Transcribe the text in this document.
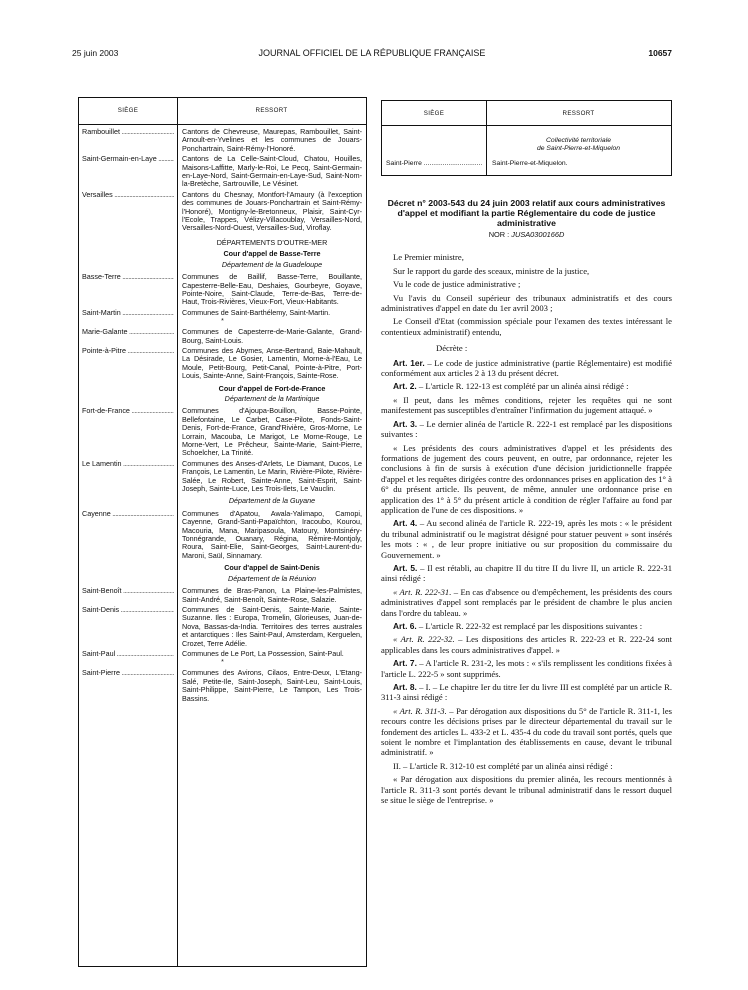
25 juin 2003	JOURNAL OFFICIEL DE LA RÉPUBLIQUE FRANÇAISE	10657
SIÈGE	RESSORT
Rambouillet .....	Cantons de Chevreuse, Maurepas, Rambouillet, Saint-Arnoult-en-Yvelines et les communes de Jouars-Ponchartrain, Saint-Rémy-l'Honoré.
Saint-Germain-en-Laye .....	Cantons de La Celle-Saint-Cloud, Chatou, Houilles, Maisons-Laffitte, Marly-le-Roi, Le Pecq, Saint-Germain-en-Laye-Nord, Saint-Germain-en-Laye-Sud, Saint-Nom-la-Bretèche, Sartrouville, Le Vésinet.
Versailles .....	Cantons du Chesnay, Montfort-l'Amaury (à l'exception des communes de Jouars-Ponchartrain et Saint-Rémy-l'Honoré), Montigny-le-Bretonneux, Plaisir, Saint-Cyr-l'Ecole, Trappes, Vélizy-Villacoublay, Versailles-Nord, Versailles-Nord-Ouest, Versailles-Sud, Viroflay.
DÉPARTEMENTS D'OUTRE-MER
Cour d'appel de Basse-Terre
Département de la Guadeloupe
Basse-Terre .....	Communes de Baillif, Basse-Terre, Bouillante, Capesterre-Belle-Eau, Deshaies, Gourbeyre, Goyave, Pointe-Noire, Saint-Claude, Terre-de-Bas, Terre-de-Haut, Trois-Rivières, Vieux-Fort, Vieux-Habitants.
Saint-Martin .....	Communes de Saint-Barthélemy, Saint-Martin.
*
Marie-Galante .....	Communes de Capesterre-de-Marie-Galante, Grand-Bourg, Saint-Louis.
Pointe-à-Pitre .....	Communes des Abymes, Anse-Bertrand, Baie-Mahault, La Désirade, Le Gosier, Lamentin, Morne-à-l'Eau, Le Moule, Petit-Bourg, Petit-Canal, Pointe-à-Pitre, Port-Louis, Sainte-Anne, Saint-François, Sainte-Rose.
Cour d'appel de Fort-de-France
Département de la Martinique
Fort-de-France .....	Communes d'Ajoupa-Bouillon, Basse-Pointe, Bellefontaine, Le Carbet, Case-Pilote, Fonds-Saint-Denis, Fort-de-France, Grand'Rivière, Gros-Morne, Le Lorrain, Macouba, Le Marigot, Le Morne-Rouge, Le Morne-Vert, Le Prêcheur, Sainte-Marie, Saint-Pierre, Schoelcher, La Trinité.
Le Lamentin .....	Communes des Anses-d'Arlets, Le Diamant, Ducos, Le François, Le Lamentin, Le Marin, Rivière-Pilote, Rivière-Salée, Le Robert, Sainte-Anne, Saint-Esprit, Saint-Joseph, Sainte-Luce, Les Trois-Ilets, Le Vauclin.
Département de la Guyane
Cayenne .....	Communes d'Apatou, Awala-Yalimapo, Camopi, Cayenne, Grand-Santi-Papaïchton, Iracoubo, Kourou, Macouria, Mana, Maripasoula, Matoury, Montsinéry-Tonnégrande, Ouanary, Régina, Rémire-Montjoly, Roura, Saint-Elie, Saint-Georges, Saint-Laurent-du-Maroni, Saül, Sinnamary.
Cour d'appel de Saint-Denis
Département de la Réunion
Saint-Benoît .....	Communes de Bras-Panon, La Plaine-les-Palmistes, Saint-André, Saint-Benoît, Sainte-Rose, Salazie.
Saint-Denis .....	Communes de Saint-Denis, Sainte-Marie, Sainte-Suzanne. Iles : Europa, Tromelin, Glorieuses, Juan-de-Nova, Bassas-da-India. Territoires des terres australes et antarctiques : Iles Saint-Paul, Amsterdam, Kerguelen, Crozet, Terre Adélie.
Saint-Paul .....	Communes de Le Port, La Possession, Saint-Paul.
*
Saint-Pierre .....	Communes des Avirons, Cilaos, Entre-Deux, L'Etang-Salé, Petite-Ile, Saint-Joseph, Saint-Leu, Saint-Louis, Saint-Philippe, Saint-Pierre, Le Tampon, Les Trois-Bassins.
SIÈGE	RESSORT
Collectivité territoriale
de Saint-Pierre-et-Miquelon
Saint-Pierre .....	Saint-Pierre-et-Miquelon.
Décret n° 2003-543 du 24 juin 2003 relatif aux cours administratives d'appel et modifiant la partie Réglementaire du code de justice administrative
NOR : JUSA0300166D

Le Premier ministre,

Sur le rapport du garde des sceaux, ministre de la justice,

Vu le code de justice administrative ;

Vu l'avis du Conseil supérieur des tribunaux administratifs et des cours administratives d'appel en date du 1er avril 2003 ;

Le Conseil d'Etat (commission spéciale pour l'examen des textes intéressant le contentieux administratif) entendu,

Décrète :

Art. 1er. – Le code de justice administrative (partie Réglementaire) est modifié conformément aux articles 2 à 13 du présent décret.

Art. 2. – L'article R. 122-13 est complété par un alinéa ainsi rédigé :

« Il peut, dans les mêmes conditions, rejeter les requêtes qui ne sont manifestement pas susceptibles d'entraîner l'infirmation du jugement attaqué. »

Art. 3. – Le dernier alinéa de l'article R. 222-1 est remplacé par les dispositions suivantes :

« Les présidents des cours administratives d'appel et les présidents des formations de jugement des cours peuvent, en outre, par ordonnance, rejeter les conclusions à fin de sursis à exécution d'une décision juridictionnelle frappée d'appel et les requêtes dirigées contre des ordonnances prises en application des 1° à 6° du présent article. Ils peuvent, de même, annuler une ordonnance prise en application des 1° à 5° du présent article à condition de régler l'affaire au fond par application de l'une de ces dispositions. »

Art. 4. – Au second alinéa de l'article R. 222-19, après les mots : « le président du tribunal administratif ou le magistrat désigné pour statuer peuvent » sont insérés les mots : « , de leur propre initiative ou sur proposition du commissaire du Gouvernement. »

Art. 5. – Il est rétabli, au chapitre II du titre II du livre II, un article R. 222-31 ainsi rédigé :

« Art. R. 222-31. – En cas d'absence ou d'empêchement, les présidents des cours administratives d'appel sont remplacés par le président de chambre le plus ancien dans l'ordre du tableau. »

Art. 6. – L'article R. 222-32 est remplacé par les dispositions suivantes :

« Art. R. 222-32. – Les dispositions des articles R. 222-23 et R. 222-24 sont applicables dans les cours administratives d'appel. »

Art. 7. – A l'article R. 231-2, les mots : « s'ils remplissent les conditions fixées à l'article L. 222-5 » sont supprimés.

Art. 8. – I. – Le chapitre Ier du titre Ier du livre III est complété par un article R. 311-3 ainsi rédigé :

« Art. R. 311-3. – Par dérogation aux dispositions du 5° de l'article R. 311-1, les recours contre les décisions prises par le directeur départemental du travail sur le fondement des articles L. 433-2 et L. 435-4 du code du travail sont portés, quels que soient le nombre et l'implantation des établissements en cause, devant le tribunal administratif. »

II. – L'article R. 312-10 est complété par un alinéa ainsi rédigé :

« Par dérogation aux dispositions du premier alinéa, les recours mentionnés à l'article R. 311-3 sont portés devant le tribunal administratif dans le ressort duquel se situe le siège de l'entreprise. »
